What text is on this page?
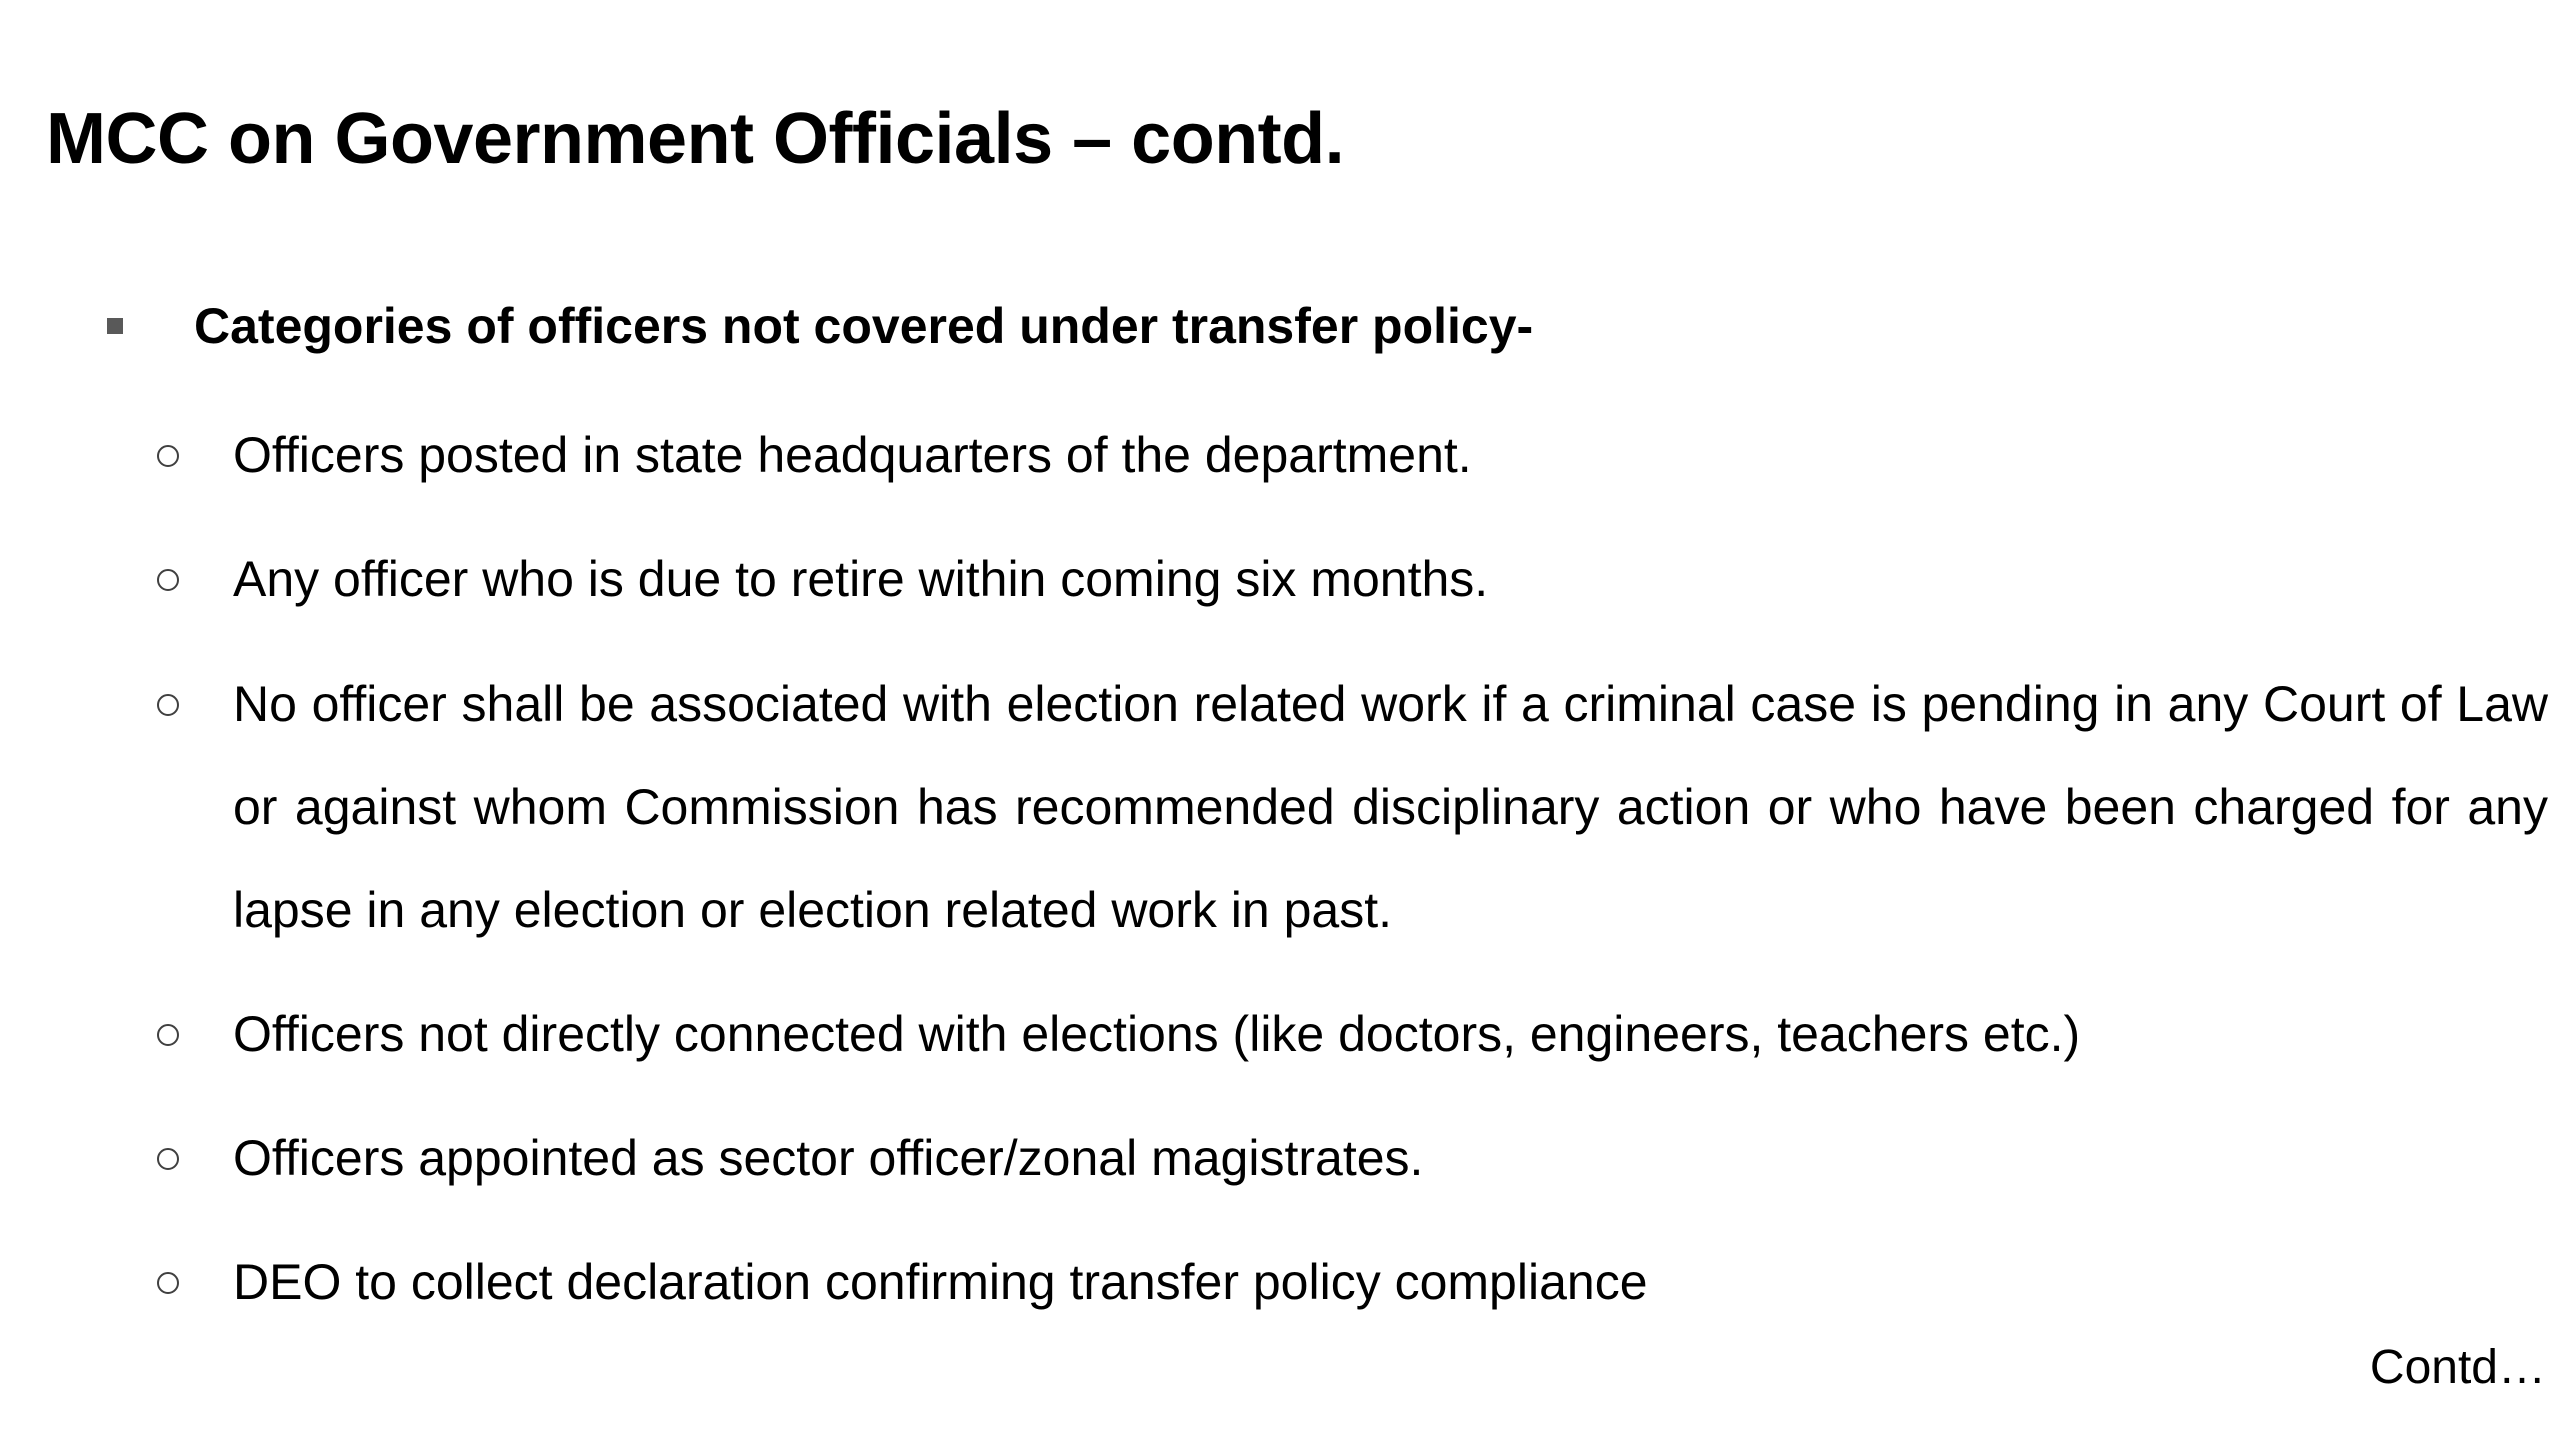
MCC on Government Officials – contd.
Categories of officers not covered under transfer policy-

Officers posted in state headquarters of the department.

Any officer who is due to retire within coming six months.

No officer shall be associated with election related work if a criminal case is pending in any Court of Law or against whom Commission has recommended disciplinary action or who have been charged for any lapse in any election or election related work in past.

Officers not directly connected with elections (like doctors, engineers, teachers etc.)

Officers appointed as sector officer/zonal magistrates.

DEO to collect declaration confirming transfer policy compliance

Contd…
